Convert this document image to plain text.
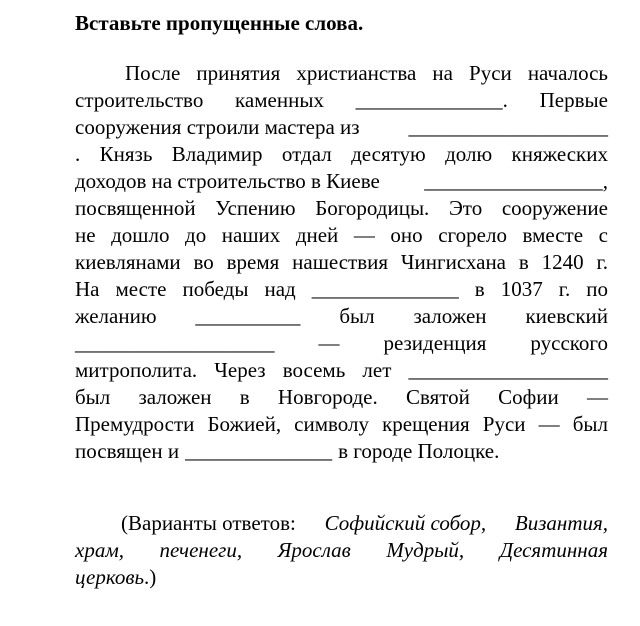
Вставьте пропущенные слова.
После принятия христианства на Руси началось
строительство каменных ______________. Первые
сооружения строили мастера из ___________________
. Князь Владимир отдал десятую долю княжеских
доходов на строительство в Киеве _________________,
посвященной Успению Богородицы. Это сооружение
не дошло до наших дней — оно сгорело вместе с
киевлянами во время нашествия Чингисхана в 1240 г.
На месте победы над ______________ в 1037 г. по
желанию __________ был заложен киевский
___________________ — резиденция русского
митрополита. Через восемь лет ___________________
был заложен в Новгороде. Святой Софии —
Премудрости Божией, символу крещения Руси — был
посвящен и ______________ в городе Полоцке.
(Варианты ответов: Софийский собор, Византия,
храм, печенеги, Ярослав Мудрый, Десятинная
церковь .)
